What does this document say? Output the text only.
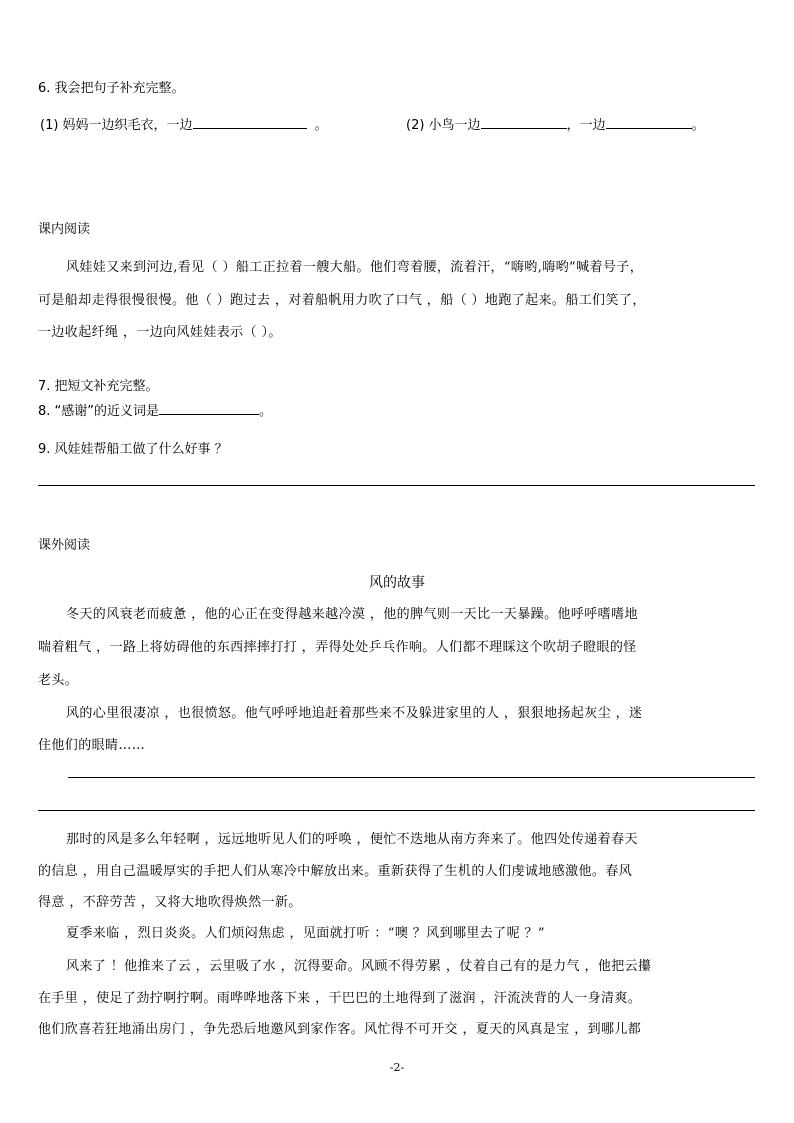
6. 我会把句子补充完整。
(1) 妈妈一边织毛衣，一边	。	(2) 小鸟一边	，一边	。
课内阅读
风娃娃又来到河边,看见（ ）船工正拉着一艘大船。他们弯着腰，流着汗，“嗨哟,嗨哟”喊着号子，
可是船却走得很慢很慢。他（ ）跑过去 ，对着船帆用力吹了口气 ，船（ ）地跑了起来。船工们笑了，
一边收起纤绳 ，一边向风娃娃表示（ ）。
7. 把短文补充完整。
8. “感谢”的近义词是	。
9. 风娃娃帮船工做了什么好事 ？
课外阅读
风的故事
冬天的风衰老而疲惫 ，他的心正在变得越来越冷漠 ，他的脾气则一天比一天暴躁。他呼呼嗜嗜地
喘着粗气 ，一路上将妨碍他的东西摔摔打打 ，弄得处处乒乓作响。人们都不理睬这个吹胡子瞪眼的怪
老头。
风的心里很凄凉 ，也很愤怒。他气呼呼地追赶着那些来不及躲进家里的人 ，狠狠地扬起灰尘 ，迷
住他们的眼睛……
那时的风是多么年轻啊 ，远远地听见人们的呼唤 ，便忙不迭地从南方奔来了。他四处传递着春天
的信息 ，用自己温暖厚实的手把人们从寒冷中解放出来。重新获得了生机的人们虔诚地感激他。春风
得意 ，不辞劳苦 ，又将大地吹得焕然一新。
夏季来临 ，烈日炎炎。人们烦闷焦虑 ，见面就打听 ：“噢 ？风到哪里去了呢 ？”
风来了 ！他推来了云 ，云里吸了水 ，沉得要命。风顾不得劳累 ，仗着自己有的是力气 ，他把云攥
在手里 ，使足了劲拧啊拧啊。雨哗哗地落下来 ，干巴巴的土地得到了滋润 ，汗流浃背的人一身清爽。
他们欣喜若狂地涌出房门 ，争先恐后地邀风到家作客。风忙得不可开交 ，夏天的风真是宝 ，到哪儿都
-2-
